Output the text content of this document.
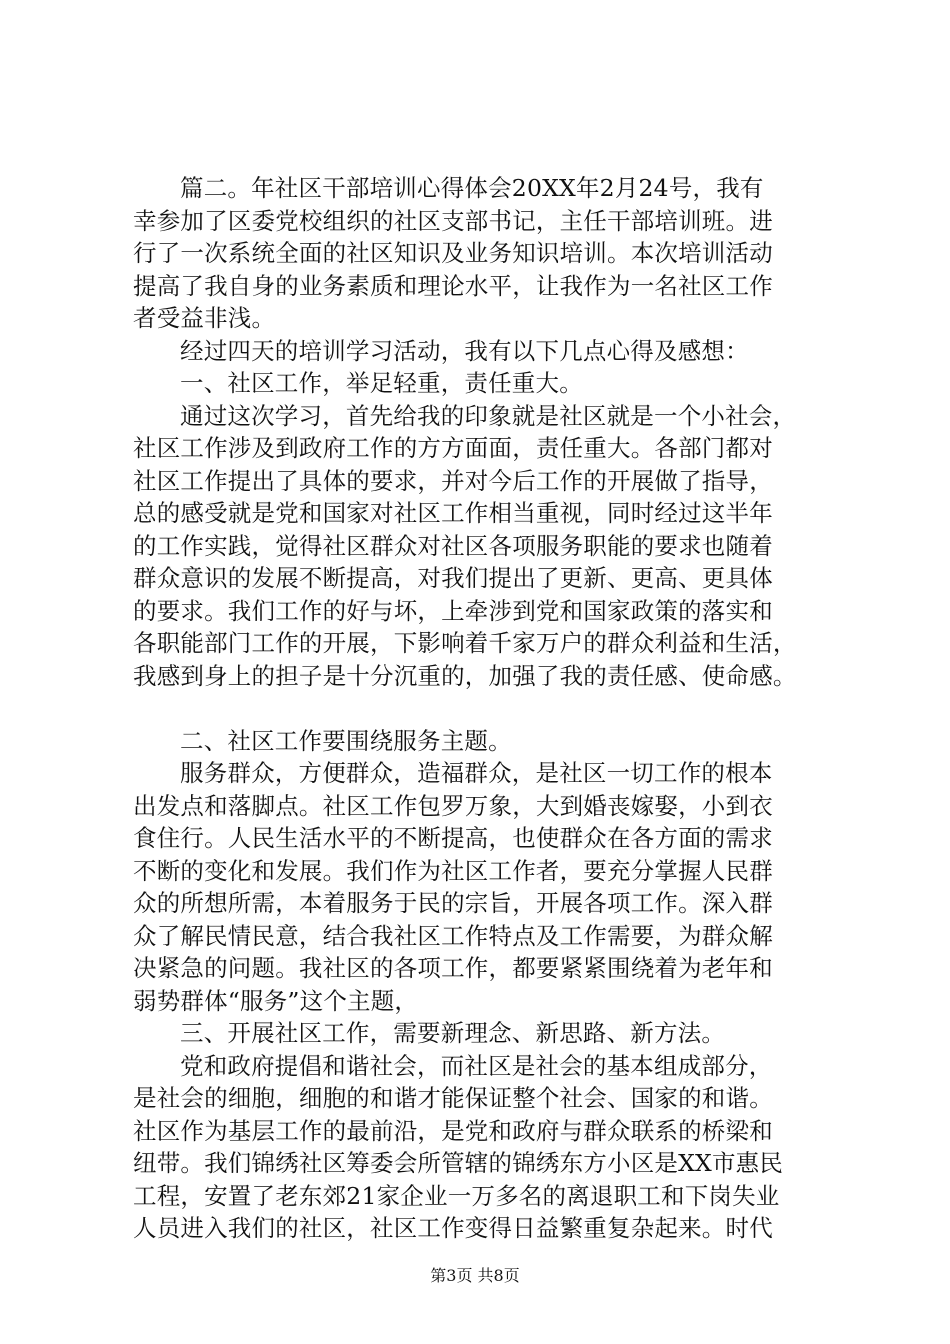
篇二。年社区干部培训心得体会20XX年2月24号，我有
幸参加了区委党校组织的社区支部书记，主任干部培训班。进
行了一次系统全面的社区知识及业务知识培训。本次培训活动
提高了我自身的业务素质和理论水平，让我作为一名社区工作
者受益非浅。
经过四天的培训学习活动，我有以下几点心得及感想：
一、社区工作，举足轻重，责任重大。
通过这次学习，首先给我的印象就是社区就是一个小社会，
社区工作涉及到政府工作的方方面面，责任重大。各部门都对
社区工作提出了具体的要求，并对今后工作的开展做了指导，
总的感受就是党和国家对社区工作相当重视，同时经过这半年
的工作实践，觉得社区群众对社区各项服务职能的要求也随着
群众意识的发展不断提高，对我们提出了更新、更高、更具体
的要求。我们工作的好与坏，上牵涉到党和国家政策的落实和
各职能部门工作的开展，下影响着千家万户的群众利益和生活，
我感到身上的担子是十分沉重的，加强了我的责任感、使命感。
二、社区工作要围绕服务主题。
服务群众，方便群众，造福群众，是社区一切工作的根本
出发点和落脚点。社区工作包罗万象，大到婚丧嫁娶，小到衣
食住行。人民生活水平的不断提高，也使群众在各方面的需求
不断的变化和发展。我们作为社区工作者，要充分掌握人民群
众的所想所需，本着服务于民的宗旨，开展各项工作。深入群
众了解民情民意，结合我社区工作特点及工作需要，为群众解
决紧急的问题。我社区的各项工作，都要紧紧围绕着为老年和
弱势群体“服务”这个主题，
三、开展社区工作，需要新理念、新思路、新方法。
党和政府提倡和谐社会，而社区是社会的基本组成部分，
是社会的细胞，细胞的和谐才能保证整个社会、国家的和谐。
社区作为基层工作的最前沿，是党和政府与群众联系的桥梁和
纽带。我们锦绣社区筹委会所管辖的锦绣东方小区是XX市惠民
工程，安置了老东郊21家企业一万多名的离退职工和下岗失业
人员进入我们的社区，社区工作变得日益繁重复杂起来。时代
第3页 共8页
